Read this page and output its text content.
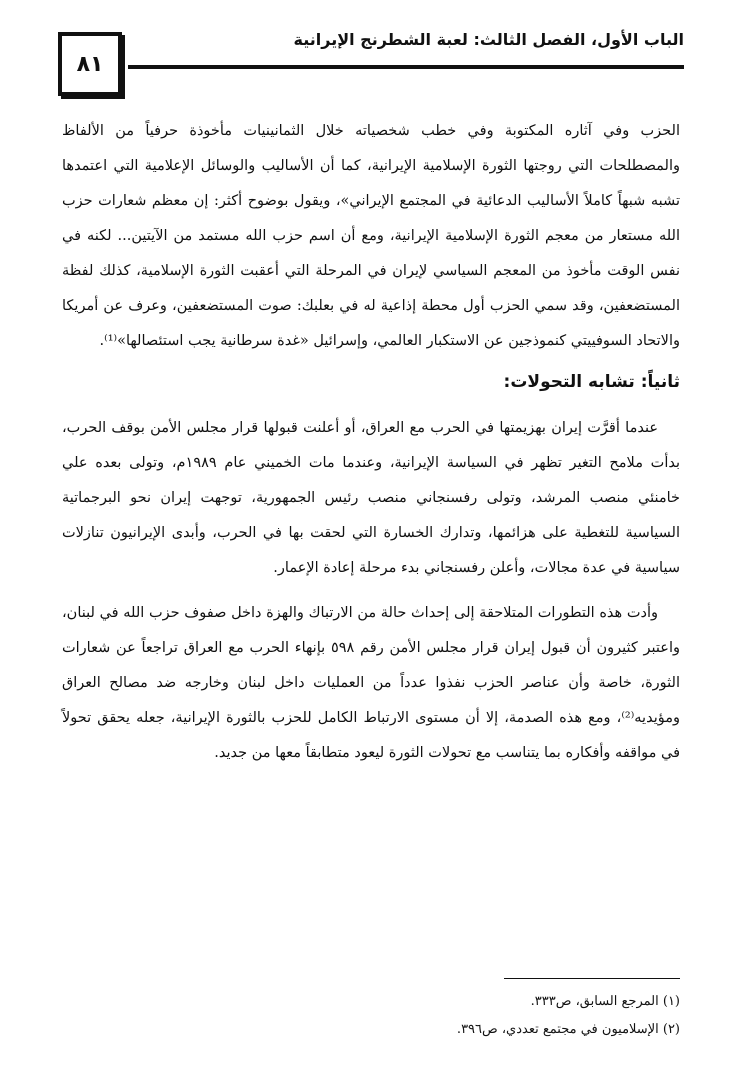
الباب الأول، الفصل الثالث: لعبة الشطرنج الإيرانية
٨١

الحزب وفي آثاره المكتوبة وفي خطب شخصياته خلال الثمانينيات مأخوذة حرفياً من الألفاظ والمصطلحات التي روجتها الثورة الإسلامية الإيرانية، كما أن الأساليب والوسائل الإعلامية التي اعتمدها تشبه شبهاً كاملاً الأساليب الدعائية في المجتمع الإيراني»، ويقول بوضوح أكثر: إن معظم شعارات حزب الله مستعار من معجم الثورة الإسلامية الإيرانية، ومع أن اسم حزب الله مستمد من الآيتين... لكنه في نفس الوقت مأخوذ من المعجم السياسي لإيران في المرحلة التي أعقبت الثورة الإسلامية، كذلك لفظة المستضعفين، وقد سمي الحزب أول محطة إذاعية له في بعلبك: صوت المستضعفين، وعرف عن أمريكا والاتحاد السوفييتي كنموذجين عن الاستكبار العالمي، وإسرائيل «غدة سرطانية يجب استئصالها»⁽¹⁾.

ثانياً: تشابه التحولات:

عندما أقرَّت إيران بهزيمتها في الحرب مع العراق، أو أعلنت قبولها قرار مجلس الأمن بوقف الحرب، بدأت ملامح التغير تظهر في السياسة الإيرانية، وعندما مات الخميني عام ١٩٨٩م، وتولى بعده علي خامنئي منصب المرشد، وتولى رفسنجاني منصب رئيس الجمهورية، توجهت إيران نحو البرجماتية السياسية للتغطية على هزائمها، وتدارك الخسارة التي لحقت بها في الحرب، وأبدى الإيرانيون تنازلات سياسية في عدة مجالات، وأعلن رفسنجاني بدء مرحلة إعادة الإعمار.

وأدت هذه التطورات المتلاحقة إلى إحداث حالة من الارتباك والهزة داخل صفوف حزب الله في لبنان، واعتبر كثيرون أن قبول إيران قرار مجلس الأمن رقم ٥٩٨ بإنهاء الحرب مع العراق تراجعاً عن شعارات الثورة، خاصة وأن عناصر الحزب نفذوا عدداً من العمليات داخل لبنان وخارجه ضد مصالح العراق ومؤيديه⁽²⁾، ومع هذه الصدمة، إلا أن مستوى الارتباط الكامل للحزب بالثورة الإيرانية، جعله يحقق تحولاً في مواقفه وأفكاره بما يتناسب مع تحولات الثورة ليعود متطابقاً معها من جديد.

(١) المرجع السابق، ص٣٣٣.

(٢) الإسلاميون في مجتمع تعددي، ص٣٩٦.
